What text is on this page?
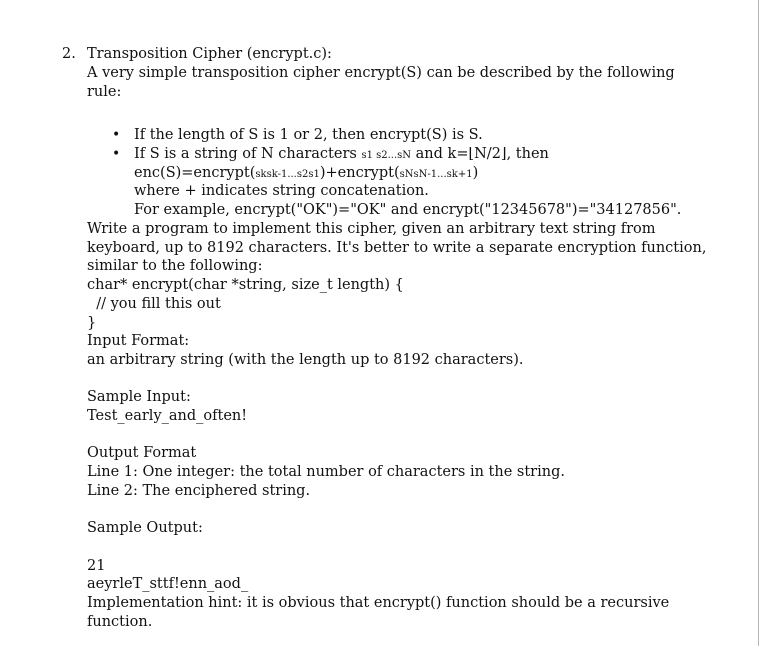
2. Transposition Cipher (encrypt.c):
A very simple transposition cipher encrypt(S) can be described by the following
rule:
• If the length of S is 1 or 2, then encrypt(S) is S.
• If S is a string of N characters s1 s2...sN and k=⌊N/2⌋, then
enc(S)=encrypt(sksk-1...s2s1)+encrypt(sNsN-1...sk+1)
where + indicates string concatenation.
For example, encrypt("OK")="OK" and encrypt("12345678")="34127856".
Write a program to implement this cipher, given an arbitrary text string from
keyboard, up to 8192 characters. It's better to write a separate encryption function,
similar to the following:
char* encrypt(char *string, size_t length) {
// you fill this out
}
Input Format:
an arbitrary string (with the length up to 8192 characters).
Sample Input:
Test_early_and_often!
Output Format
Line 1: One integer: the total number of characters in the string.
Line 2: The enciphered string.
Sample Output:
21
aeyrleT_sttf!enn_aod_
Implementation hint: it is obvious that encrypt() function should be a recursive
function.
